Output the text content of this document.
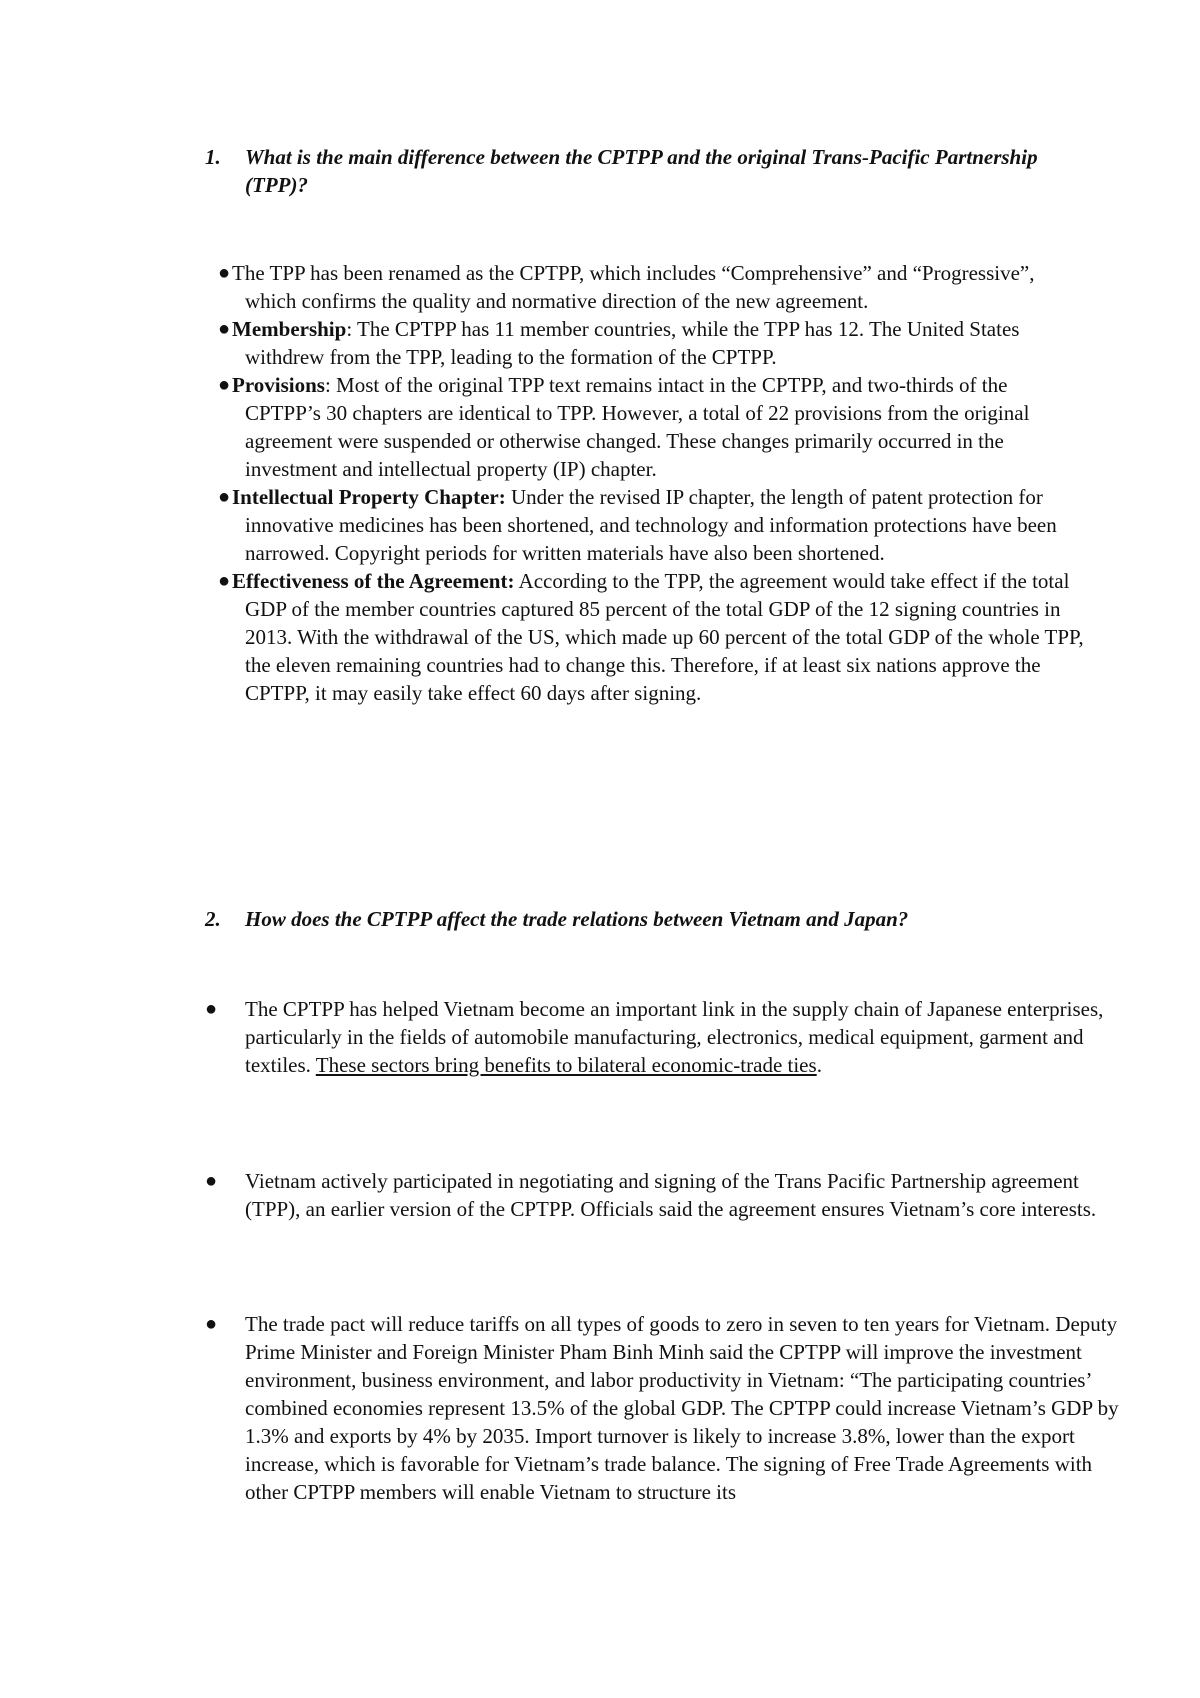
1. What is the main difference between the CPTPP and the original Trans-Pacific Partnership (TPP)?
● The TPP has been renamed as the CPTPP, which includes “Comprehensive” and “Progressive”, which confirms the quality and normative direction of the new agreement.
● Membership: The CPTPP has 11 member countries, while the TPP has 12. The United States withdrew from the TPP, leading to the formation of the CPTPP.
● Provisions: Most of the original TPP text remains intact in the CPTPP, and two-thirds of the CPTPP’s 30 chapters are identical to TPP. However, a total of 22 provisions from the original agreement were suspended or otherwise changed. These changes primarily occurred in the investment and intellectual property (IP) chapter.
● Intellectual Property Chapter: Under the revised IP chapter, the length of patent protection for innovative medicines has been shortened, and technology and information protections have been narrowed. Copyright periods for written materials have also been shortened.
● Effectiveness of the Agreement: According to the TPP, the agreement would take effect if the total GDP of the member countries captured 85 percent of the total GDP of the 12 signing countries in 2013. With the withdrawal of the US, which made up 60 percent of the total GDP of the whole TPP, the eleven remaining countries had to change this. Therefore, if at least six nations approve the CPTPP, it may easily take effect 60 days after signing.
2. How does the CPTPP affect the trade relations between Vietnam and Japan?
● The CPTPP has helped Vietnam become an important link in the supply chain of Japanese enterprises, particularly in the fields of automobile manufacturing, electronics, medical equipment, garment and textiles. These sectors bring benefits to bilateral economic-trade ties.
● Vietnam actively participated in negotiating and signing of the Trans Pacific Partnership agreement (TPP), an earlier version of the CPTPP. Officials said the agreement ensures Vietnam’s core interests.
● The trade pact will reduce tariffs on all types of goods to zero in seven to ten years for Vietnam. Deputy Prime Minister and Foreign Minister Pham Binh Minh said the CPTPP will improve the investment environment, business environment, and labor productivity in Vietnam: “The participating countries’ combined economies represent 13.5% of the global GDP. The CPTPP could increase Vietnam’s GDP by 1.3% and exports by 4% by 2035. Import turnover is likely to increase 3.8%, lower than the export increase, which is favorable for Vietnam’s trade balance. The signing of Free Trade Agreements with other CPTPP members will enable Vietnam to structure its
